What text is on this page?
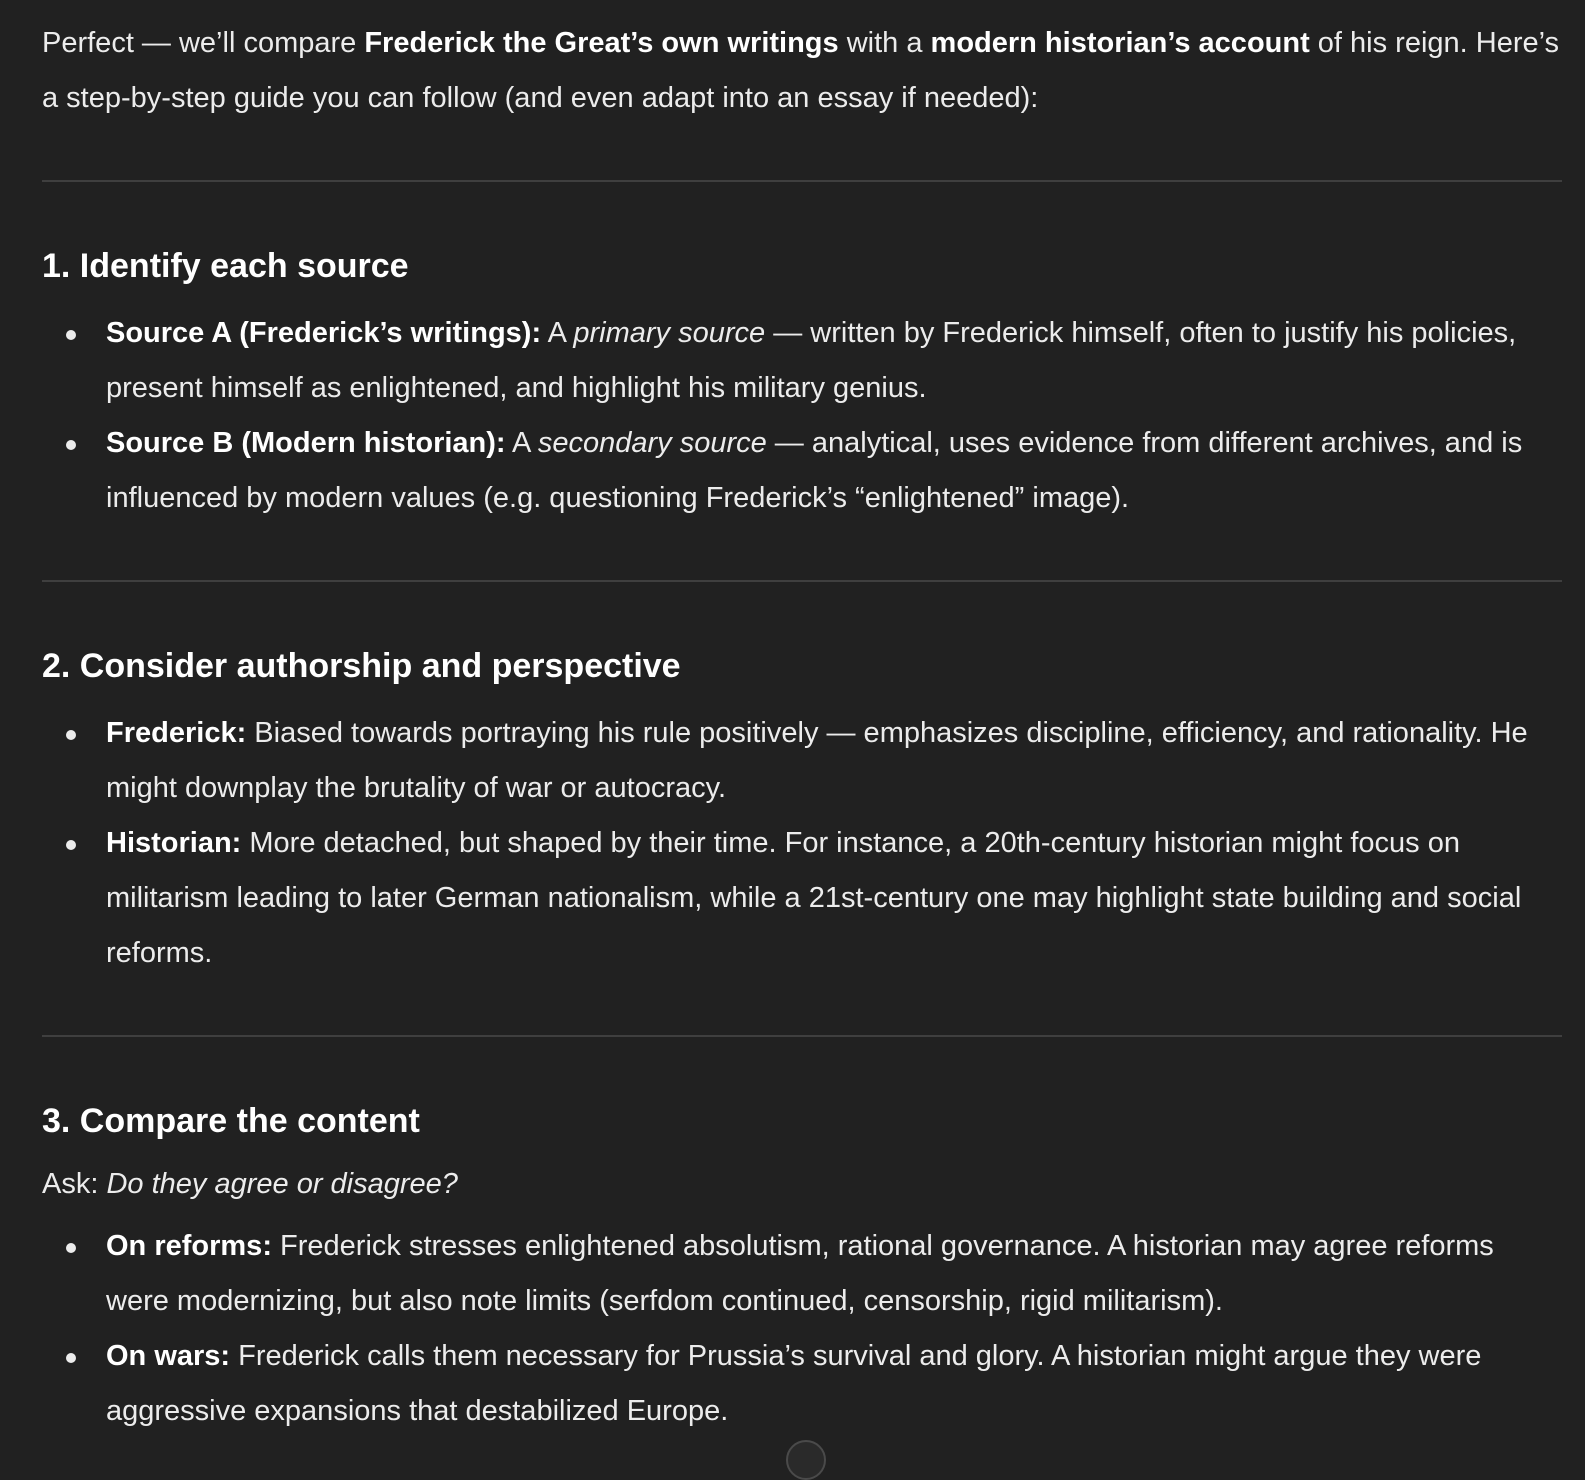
Perfect — we’ll compare Frederick the Great’s own writings with a modern historian’s account of his reign. Here’s a step-by-step guide you can follow (and even adapt into an essay if needed):

1. Identify each source
Source A (Frederick’s writings): A primary source — written by Frederick himself, often to justify his policies, present himself as enlightened, and highlight his military genius.
Source B (Modern historian): A secondary source — analytical, uses evidence from different archives, and is influenced by modern values (e.g. questioning Frederick’s “enlightened” image).
2. Consider authorship and perspective
Frederick: Biased towards portraying his rule positively — emphasizes discipline, efficiency, and rationality. He might downplay the brutality of war or autocracy.
Historian: More detached, but shaped by their time. For instance, a 20th-century historian might focus on militarism leading to later German nationalism, while a 21st-century one may highlight state building and social reforms.
3. Compare the content

Ask: Do they agree or disagree?

On reforms: Frederick stresses enlightened absolutism, rational governance. A historian may agree reforms were modernizing, but also note limits (serfdom continued, censorship, rigid militarism).
On wars: Frederick calls them necessary for Prussia’s survival and glory. A historian might argue they were aggressive expansions that destabilized Europe.
